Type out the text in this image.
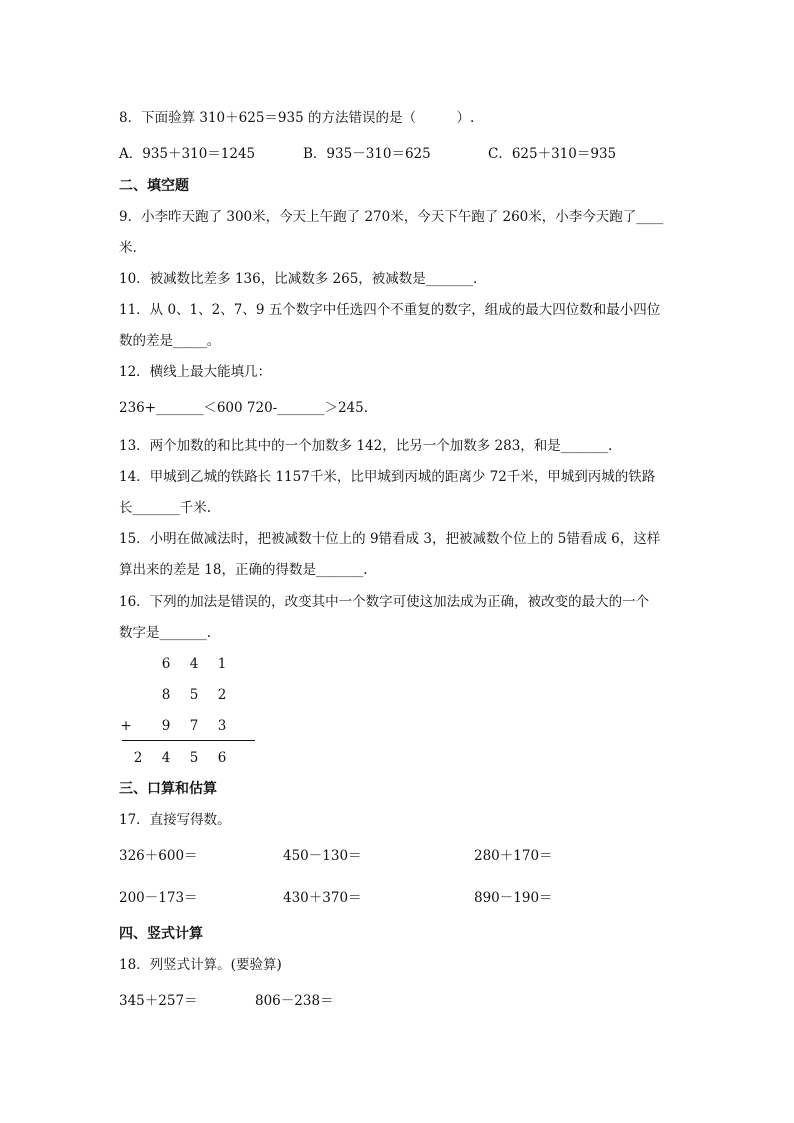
8．下面验算 310＋625＝935 的方法错误的是（　　　）.
A．935＋310＝1245	B．935－310＝625	C．625＋310＝935
二、填空题
9．小李昨天跑了 300米，今天上午跑了 270米，今天下午跑了 260米，小李今天跑了____
米.
10．被减数比差多 136，比减数多 265，被减数是_______.
11．从 0、1、2、7、9 五个数字中任选四个不重复的数字，组成的最大四位数和最小四位
数的差是_____。
12．横线上最大能填几：
236+_______＜600 720-_______＞245.
13．两个加数的和比其中的一个加数多 142，比另一个加数多 283，和是_______.
14．甲城到乙城的铁路长 1157千米，比甲城到丙城的距离少 72千米，甲城到丙城的铁路
长_______千米.
15．小明在做减法时，把被减数十位上的 9错看成 3，把被减数个位上的 5错看成 6，这样
算出来的差是 18，正确的得数是_______.
16．下列的加法是错误的，改变其中一个数字可使这加法成为正确，被改变的最大的一个
数字是_______.
6 4 1
8 5 2
+ 9 7 3
2 4 5 6
三、口算和估算
17．直接写得数。
326＋600＝	450－130＝	280＋170＝
200－173＝	430＋370＝	890－190＝
四、竖式计算
18．列竖式计算。(要验算)
345＋257＝	806－238＝
